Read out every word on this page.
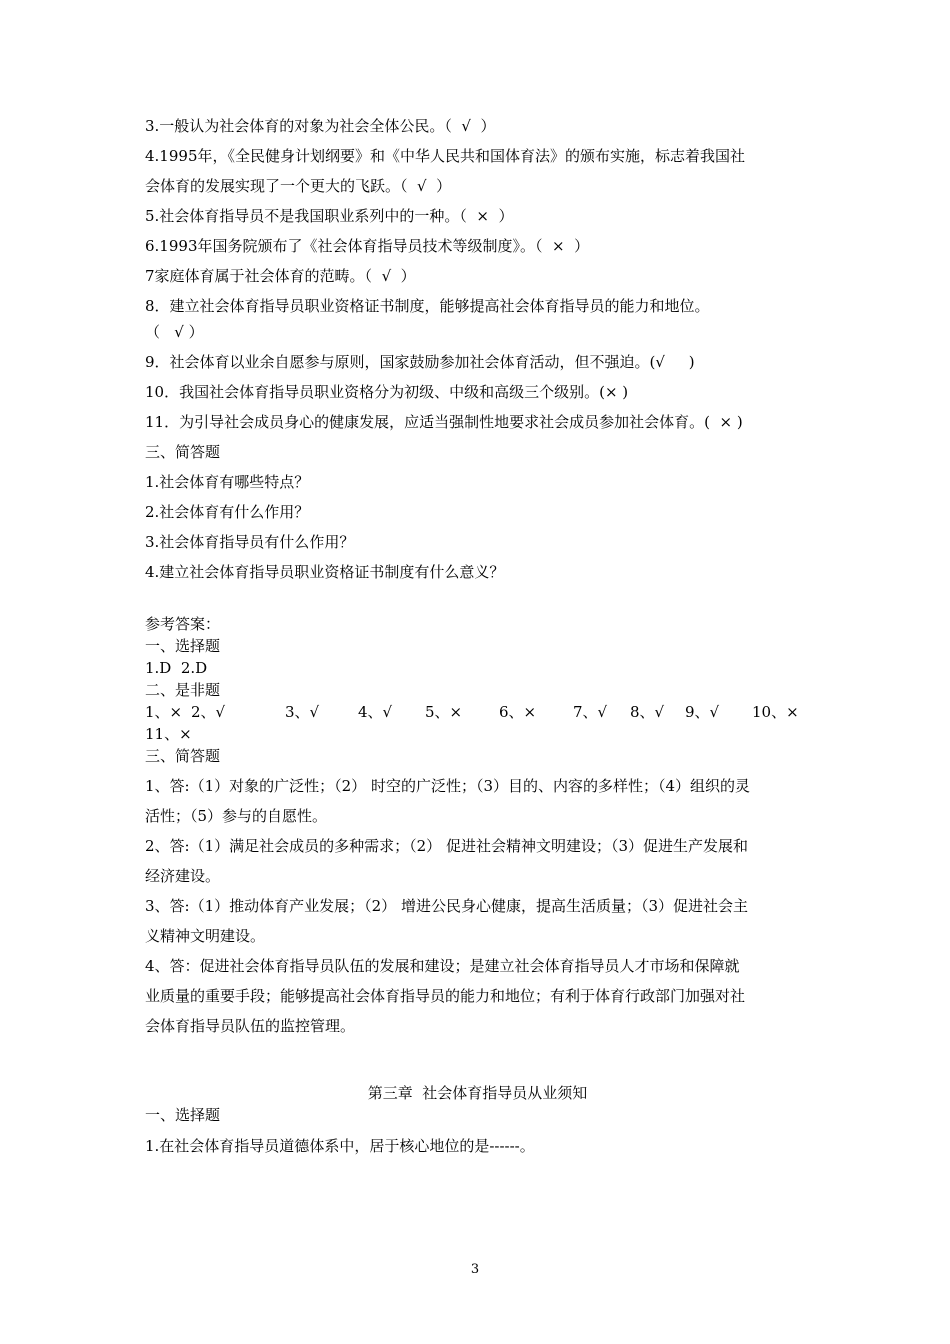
3.一般认为社会体育的对象为社会全体公民。（  √  ）

4.1995年，《全民健身计划纲要》和《中华人民共和国体育法》的颁布实施，标志着我国社

会体育的发展实现了一个更大的飞跃。（  √  ）

5.社会体育指导员不是我国职业系列中的一种。（  ×  ）

6.1993年国务院颁布了《社会体育指导员技术等级制度》。（  ×  ）

7家庭体育属于社会体育的范畴。（  √  ）

8．建立社会体育指导员职业资格证书制度，能够提高社会体育指导员的能力和地位。

（   √ ）

9．社会体育以业余自愿参与原则，国家鼓励参加社会体育活动，但不强迫。(√     )

10．我国社会体育指导员职业资格分为初级、中级和高级三个级别。(× )

11．为引导社会成员身心的健康发展，应适当强制性地要求社会成员参加社会体育。(  × )

三、简答题

1.社会体育有哪些特点？

2.社会体育有什么作用？

3.社会体育指导员有什么作用？

4.建立社会体育指导员职业资格证书制度有什么意义？

参考答案：

一、选择题

1.D  2.D

二、是非题

1、× 2、√	3、√	4、√	5、×	6、×	7、√	8、√	9、√	10、×

11、×

三、简答题

1、答:（1）对象的广泛性；（2） 时空的广泛性；（3）目的、内容的多样性；（4）组织的灵

活性；（5）参与的自愿性。

2、答:（1）满足社会成员的多种需求；（2） 促进社会精神文明建设；（3）促进生产发展和

经济建设。

3、答:（1）推动体育产业发展；（2） 增进公民身心健康，提高生活质量；（3）促进社会主

义精神文明建设。

4、答：促进社会体育指导员队伍的发展和建设；是建立社会体育指导员人才市场和保障就

业质量的重要手段；能够提高社会体育指导员的能力和地位；有利于体育行政部门加强对社

会体育指导员队伍的监控管理。

第三章  社会体育指导员从业须知

一、选择题

1.在社会体育指导员道德体系中，居于核心地位的是------。

3
